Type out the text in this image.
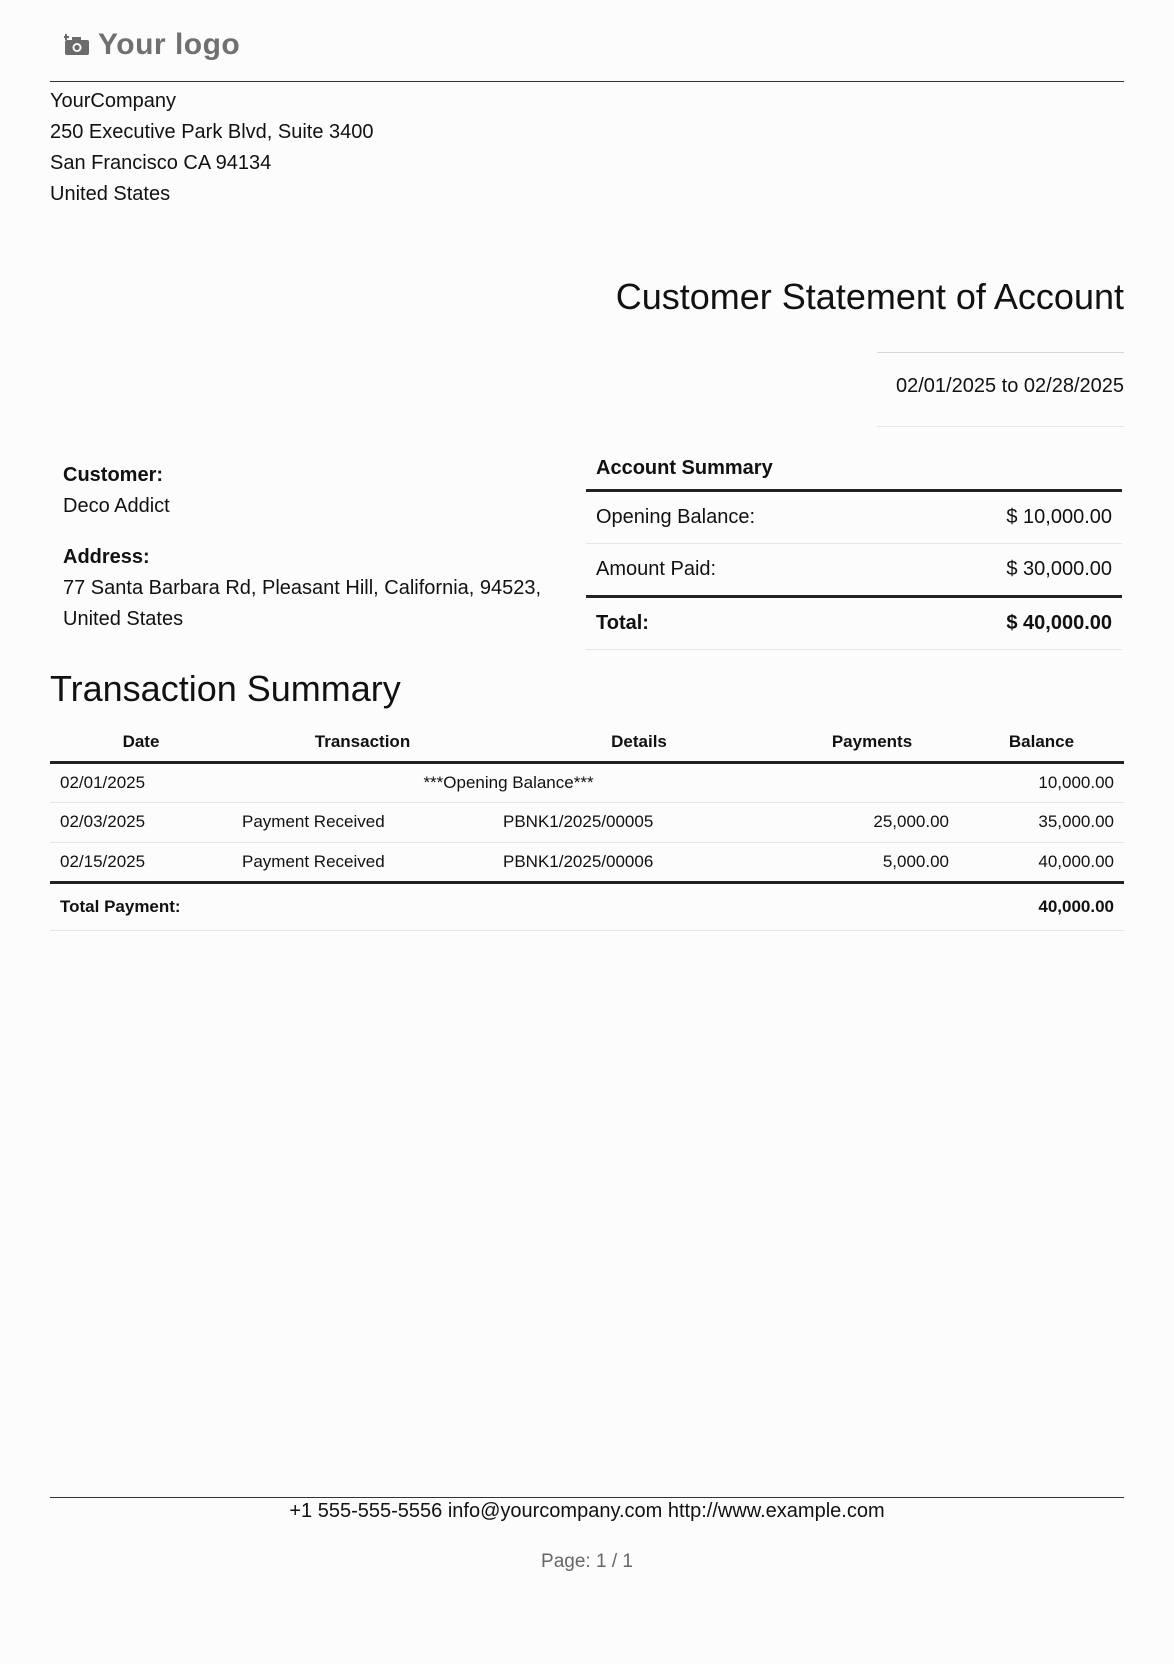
Your logo
YourCompany
250 Executive Park Blvd, Suite 3400
San Francisco CA 94134
United States
Customer Statement of Account
02/01/2025 to 02/28/2025
Customer:
Deco Addict
Address:
77 Santa Barbara Rd, Pleasant Hill, California, 94523,
United States
Account Summary	
Opening Balance:	$ 10,000.00
Amount Paid:	$ 30,000.00
Total:	$ 40,000.00
Transaction Summary
Date	Transaction	Details	Payments	Balance
02/01/2025	***Opening Balance***			10,000.00
02/03/2025	Payment Received	PBNK1/2025/00005	25,000.00	35,000.00
02/15/2025	Payment Received	PBNK1/2025/00006	5,000.00	40,000.00
Total Payment:				40,000.00
+1 555-555-5556 info@yourcompany.com http://www.example.com
Page: 1 / 1
